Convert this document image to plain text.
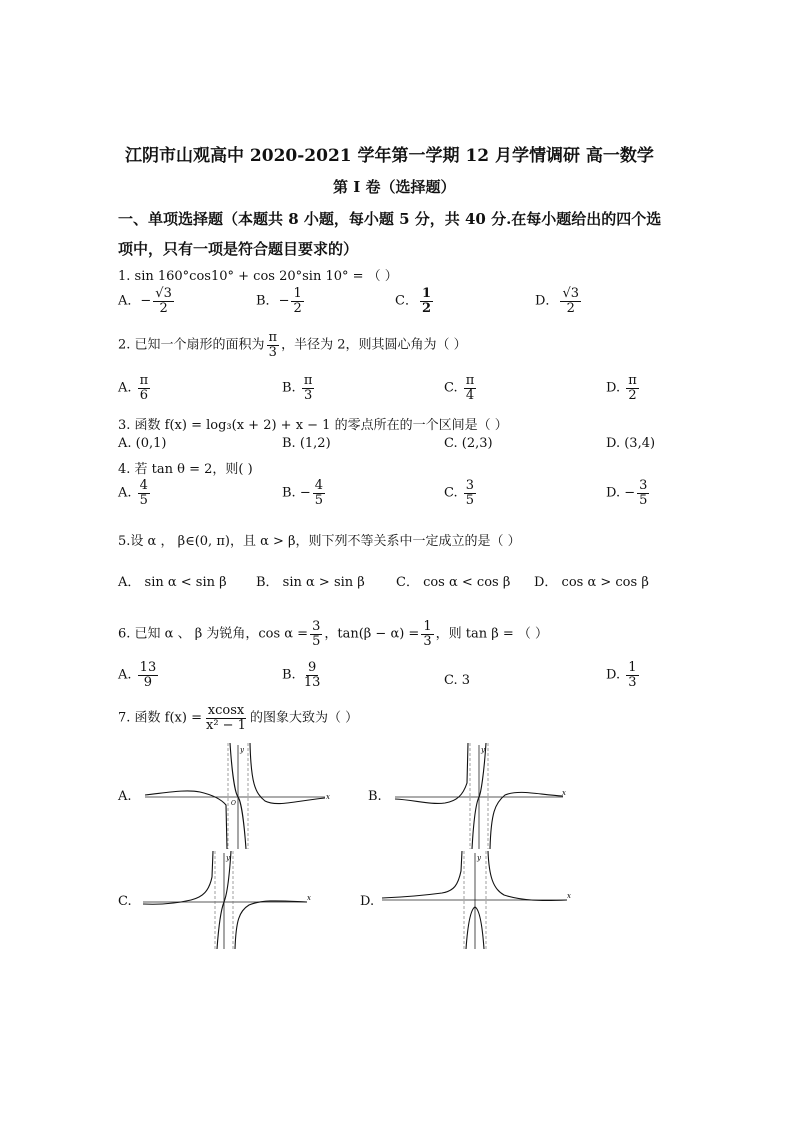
江阴市山观高中 2020-2021 学年第一学期 12 月学情调研 高一数学
第 I 卷（选择题）
一、单项选择题（本题共 8 小题，每小题 5 分，共 40 分.在每小题给出的四个选
项中，只有一项是符合题目要求的）
1. sin 160°cos10° + cos 20°sin 10° = （ ）
A．− $\frac{√3}{2}$	B．− $\frac{1}{2}$	C． $\frac{1}{2}$	D． $\frac{√3}{2}$
2. 已知一个扇形的面积为 $\frac{\pi}{3}$ ，半径为 2，则其圆心角为（ ）
A. $\frac{\pi}{6}$	B. $\frac{\pi}{3}$	C. $\frac{\pi}{4}$	D. $\frac{\pi}{2}$
3. 函数 f(x) = log₃(x + 2) + x − 1 的零点所在的一个区间是（ ）
A. (0,1)	B. (1,2)	C. (2,3)	D. (3,4)
4. 若 tan θ = 2，则( )
A. $\frac{4}{5}$	B. − $\frac{4}{5}$	C. $\frac{3}{5}$	D. − $\frac{3}{5}$
5.设 α ， β∈(0, π)，且 α > β，则下列不等关系中一定成立的是（ ）
A． sin α < sin β B． sin α > sin β C． cos α < cos β D． cos α > cos β
6. 已知 α 、 β 为锐角，$\cos \alpha = \frac{3}{5}$ ，$\tan(\beta - \alpha) = \frac{1}{3}$ ，则 tan β = （ ）
A. $\frac{13}{9}$	B. $\frac{9}{13}$	C. 3	D. $\frac{1}{3}$
7. 函数 $f(x) = \frac{xcosx}{\text{x² − 1}}$ 的图象大致为（ ）
A.	B.
C.	D.
x
y
O
x
y
x
y
x
y
